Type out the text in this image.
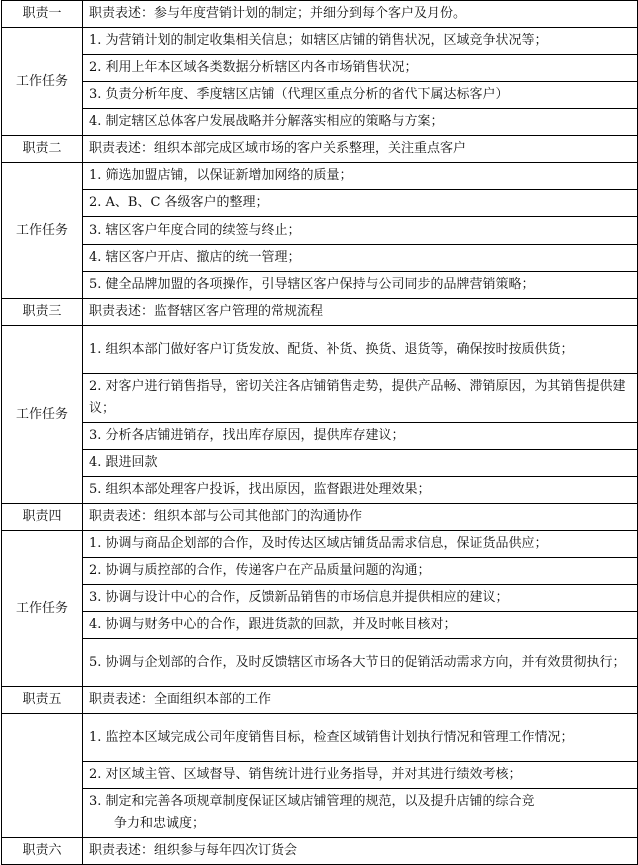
职责一	职责表述：参与年度营销计划的制定；并细分到每个客户及月份。
工作任务	1. 为营销计划的制定收集相关信息；如辖区店铺的销售状况，区域竞争状况等；
	2. 利用上年本区域各类数据分析辖区内各市场销售状况；
	3. 负责分析年度、季度辖区店铺（代理区重点分析的省代下属达标客户）
	4. 制定辖区总体客户发展战略并分解落实相应的策略与方案；
职责二	职责表述：组织本部完成区域市场的客户关系整理，关注重点客户
工作任务	1. 筛选加盟店铺，以保证新增加网络的质量；
	2. A、B、C 各级客户的整理；
	3. 辖区客户年度合同的续签与终止；
	4. 辖区客户开店、撤店的统一管理；
	5. 健全品牌加盟的各项操作，引导辖区客户保持与公司同步的品牌营销策略；
职责三	职责表述：监督辖区客户管理的常规流程
工作任务	1. 组织本部门做好客户订货发放、配货、补货、换货、退货等，确保按时按质供货；
	2. 对客户进行销售指导，密切关注各店铺销售走势，提供产品畅、滞销原因，为其销售提供建议；
	3. 分析各店铺进销存，找出库存原因，提供库存建议；
	4. 跟进回款
	5. 组织本部处理客户投诉，找出原因，监督跟进处理效果；
职责四	职责表述：组织本部与公司其他部门的沟通协作
工作任务	1. 协调与商品企划部的合作，及时传达区域店铺货品需求信息，保证货品供应；
	2. 协调与质控部的合作，传递客户在产品质量问题的沟通；
	3. 协调与设计中心的合作，反馈新品销售的市场信息并提供相应的建议；
	4. 协调与财务中心的合作，跟进货款的回款，并及时帐目核对；
	5. 协调与企划部的合作，及时反馈辖区市场各大节日的促销活动需求方向，并有效贯彻执行；
职责五	职责表述：全面组织本部的工作
	1. 监控本区域完成公司年度销售目标，检查区域销售计划执行情况和管理工作情况；
	2. 对区域主管、区域督导、销售统计进行业务指导，并对其进行绩效考核；

	3. 制定和完善各项规章制度保证区域店铺管理的规范，以及提升店铺的综合竞
争力和忠诚度；

职责六	职责表述：组织参与每年四次订货会
